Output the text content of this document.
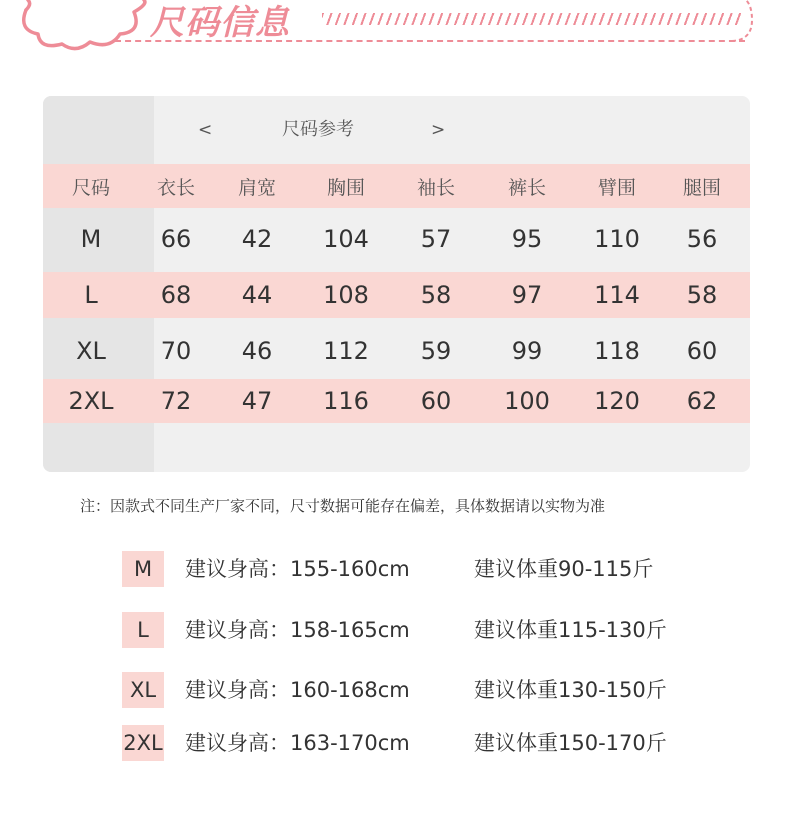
尺码信息
<	尺码参考	>
尺码 衣长 肩宽	胸围	袖长	裤长	臂围 腿围
M 66 42 104 57	95 110 56
L	68 44 108 58	97 114 58
XL 70 46 112 59	99 118 60
2XL 72 47 116 60 100 120 62
注：因款式不同生产厂家不同，尺寸数据可能存在偏差，具体数据请以实物为准
M	建议身高：155-160cm	建议体重90-115斤
L	建议身高：158-165cm	建议体重115-130斤
XL	建议身高：160-168cm	建议体重130-150斤
2XL 建议身高：163-170cm	建议体重150-170斤
